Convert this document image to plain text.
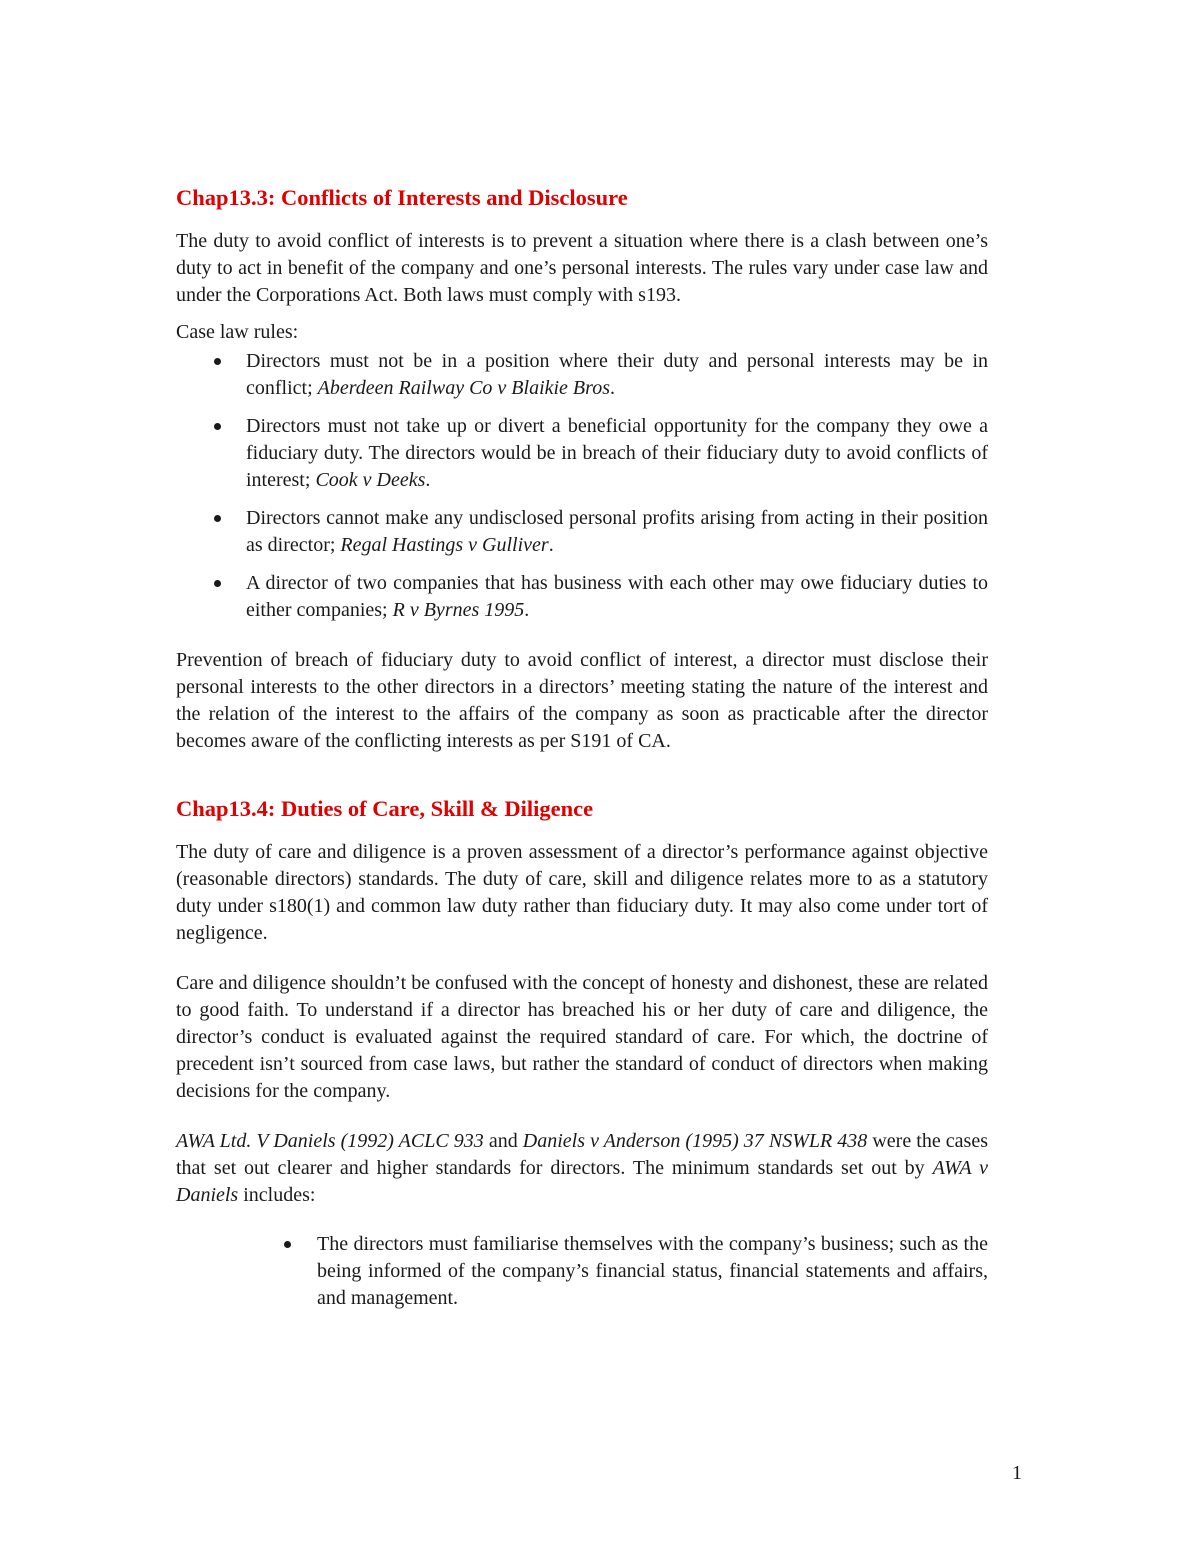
Chap13.3: Conflicts of Interests and Disclosure

The duty to avoid conflict of interests is to prevent a situation where there is a clash between one’s duty to act in benefit of the company and one’s personal interests. The rules vary under case law and under the Corporations Act. Both laws must comply with s193.

Case law rules:

Directors must not be in a position where their duty and personal interests may be in conflict; Aberdeen Railway Co v Blaikie Bros.
Directors must not take up or divert a beneficial opportunity for the company they owe a fiduciary duty. The directors would be in breach of their fiduciary duty to avoid conflicts of interest; Cook v Deeks.
Directors cannot make any undisclosed personal profits arising from acting in their position as director; Regal Hastings v Gulliver.
A director of two companies that has business with each other may owe fiduciary duties to either companies; R v Byrnes 1995.

Prevention of breach of fiduciary duty to avoid conflict of interest, a director must disclose their personal interests to the other directors in a directors’ meeting stating the nature of the interest and the relation of the interest to the affairs of the company as soon as practicable after the director becomes aware of the conflicting interests as per S191 of CA.

Chap13.4: Duties of Care, Skill & Diligence

The duty of care and diligence is a proven assessment of a director’s performance against objective (reasonable directors) standards. The duty of care, skill and diligence relates more to as a statutory duty under s180(1) and common law duty rather than fiduciary duty. It may also come under tort of negligence.

Care and diligence shouldn’t be confused with the concept of honesty and dishonest, these are related to good faith. To understand if a director has breached his or her duty of care and diligence, the director’s conduct is evaluated against the required standard of care. For which, the doctrine of precedent isn’t sourced from case laws, but rather the standard of conduct of directors when making decisions for the company.

AWA Ltd. V Daniels (1992) ACLC 933 and Daniels v Anderson (1995) 37 NSWLR 438 were the cases that set out clearer and higher standards for directors. The minimum standards set out by AWA v Daniels includes:

The directors must familiarise themselves with the company’s business; such as the being informed of the company’s financial status, financial statements and affairs, and management.
1
